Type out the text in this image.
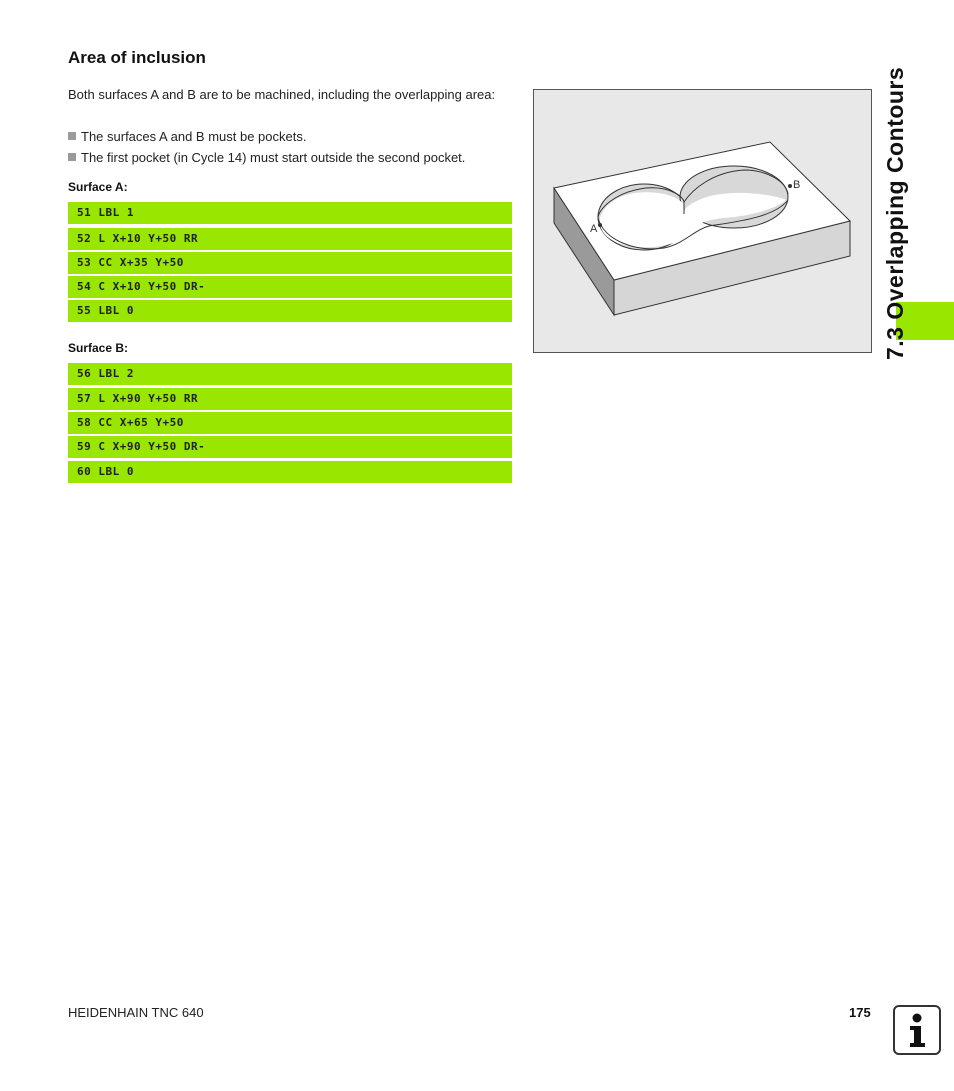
Area of inclusion
Both surfaces A and B are to be machined, including the overlapping area:
The surfaces A and B must be pockets.
The first pocket (in Cycle 14) must start outside the second pocket.
Surface A:
51 LBL 1
52 L X+10 Y+50 RR
53 CC X+35 Y+50
54 C X+10 Y+50 DR-
55 LBL 0
Surface B:
56 LBL 2
57 L X+90 Y+50 RR
58 CC X+65 Y+50
59 C X+90 Y+50 DR-
60 LBL 0
A
B	7.3 Overlapping Contours
HEIDENHAIN TNC 640	175
